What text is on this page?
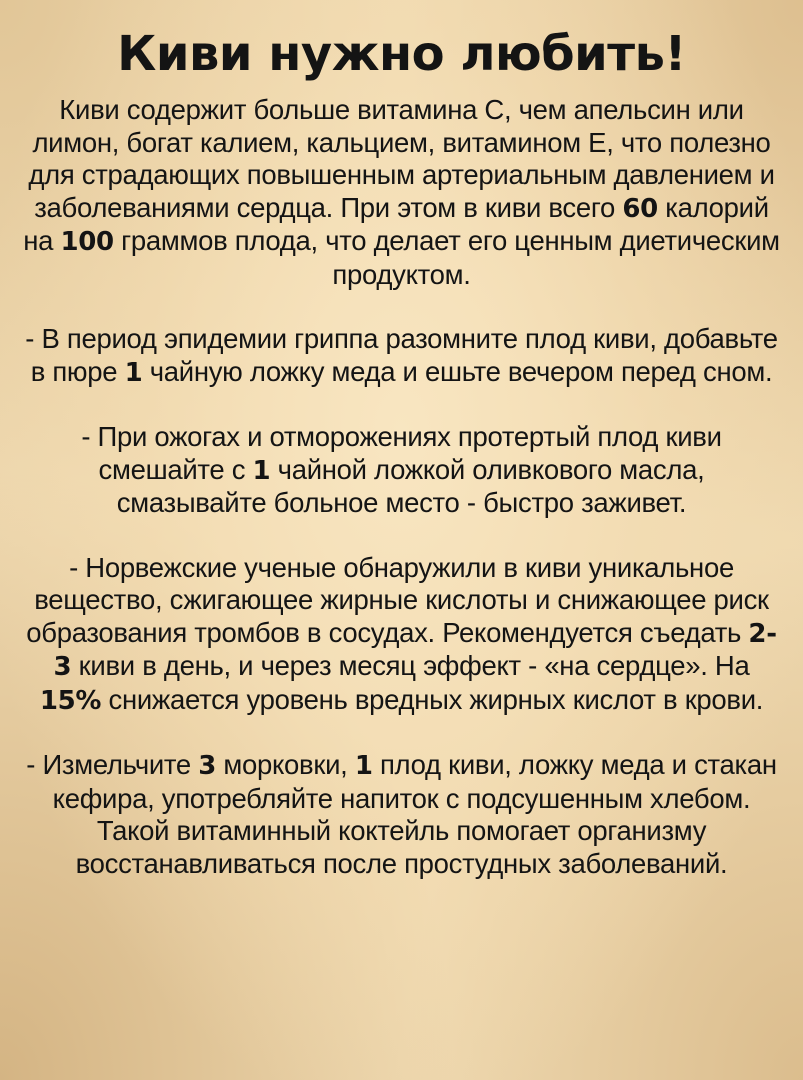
Киви нужно любить!

Киви содержит больше витамина С, чем апельсин или лимон, богат калием, кальцием, витамином Е, что полезно для страдающих повышенным артериальным давлением и заболеваниями сердца. При этом в киви всего 60 калорий на 100 граммов плода, что делает его ценным диетическим продуктом.

- В период эпидемии гриппа разомните плод киви, добавьте в пюре 1 чайную ложку меда и ешьте вечером перед сном.

- При ожогах и отморожениях протертый плод киви смешайте с 1 чайной ложкой оливкового масла, смазывайте больное место - быстро заживет.

- Норвежские ученые обнаружили в киви уникальное вещество, сжигающее жирные кислоты и снижающее риск образования тромбов в сосудах. Рекомендуется съедать 2-3 киви в день, и через месяц эффект - «на сердце». На 15% снижается уровень вредных жирных кислот в крови.

- Измельчите 3 морковки, 1 плод киви, ложку меда и стакан кефира, употребляйте напиток с подсушенным хлебом. Такой витаминный коктейль помогает организму восстанавливаться после простудных заболеваний.
